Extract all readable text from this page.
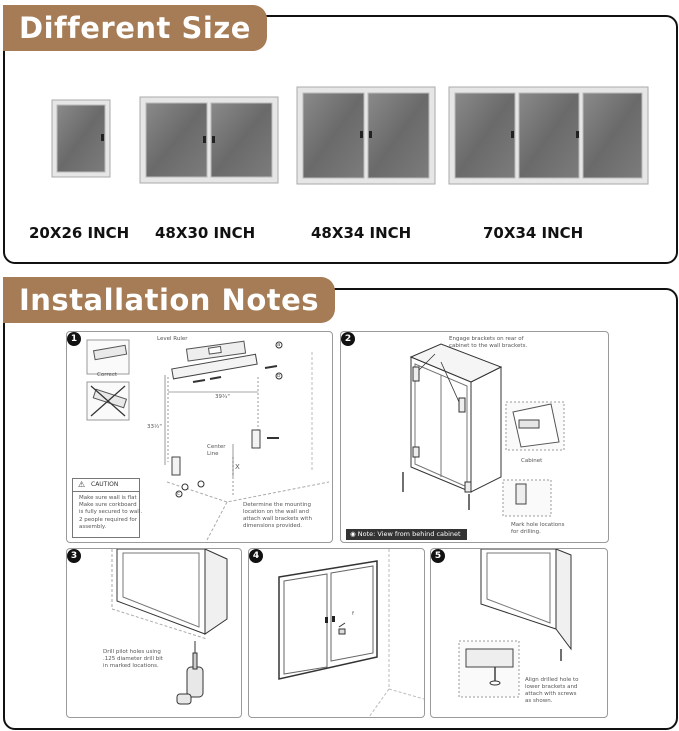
Different Size
20X26 INCH 48X30 INCH	48X34 INCH	70X34 INCH
Installation Notes
1	Level Ruler
Correct
39¾"
33½"
Center
Line
X
a
b
c
Determine the mounting
location on the wall and
attach wall brackets with
dimensions provided.
⚠ CAUTION
Make sure wall is flat
Make sure corkboard
is fully secured to wall.
2 people required for
assembly.
2	Engage brackets on rear of
cabinet to the wall brackets.
Cabinet
Mark hole locations
for drilling.
◉ Note: View from behind cabinet
3
Drill pilot holes using
.125 diameter drill bit
in marked locations.
4
f
5
Align drilled hole to
lower brackets and
attach with screws
as shown.
